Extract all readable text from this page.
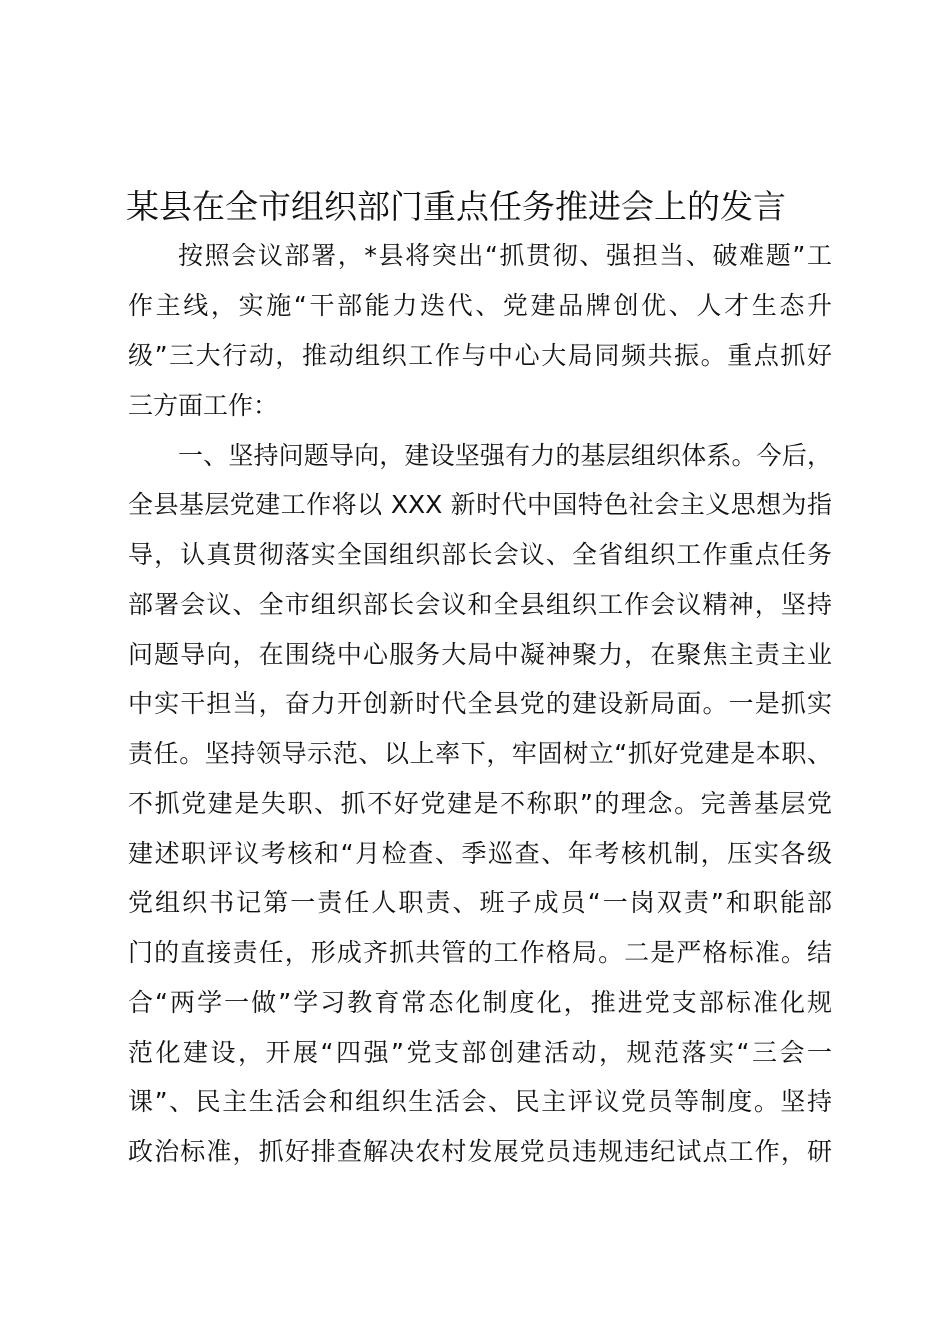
某县在全市组织部门重点任务推进会上的发言
按照会议部署，*县将突出“抓贯彻、强担当、破难题”工
作主线，实施“干部能力迭代、党建品牌创优、人才生态升
级”三大行动，推动组织工作与中心大局同频共振。重点抓好
三方面工作：
一、坚持问题导向，建设坚强有力的基层组织体系。今后，
全县基层党建工作将以 XXX 新时代中国特色社会主义思想为指
导，认真贯彻落实全国组织部长会议、全省组织工作重点任务
部署会议、全市组织部长会议和全县组织工作会议精神，坚持
问题导向，在围绕中心服务大局中凝神聚力，在聚焦主责主业
中实干担当，奋力开创新时代全县党的建设新局面。一是抓实
责任。坚持领导示范、以上率下，牢固树立“抓好党建是本职、
不抓党建是失职、抓不好党建是不称职”的理念。完善基层党
建述职评议考核和“月检查、季巡查、年考核机制，压实各级
党组织书记第一责任人职责、班子成员“一岗双责”和职能部
门的直接责任，形成齐抓共管的工作格局。二是严格标准。结
合“两学一做”学习教育常态化制度化，推进党支部标准化规
范化建设，开展“四强”党支部创建活动，规范落实“三会一
课”、民主生活会和组织生活会、民主评议党员等制度。坚持
政治标准，抓好排查解决农村发展党员违规违纪试点工作，研
